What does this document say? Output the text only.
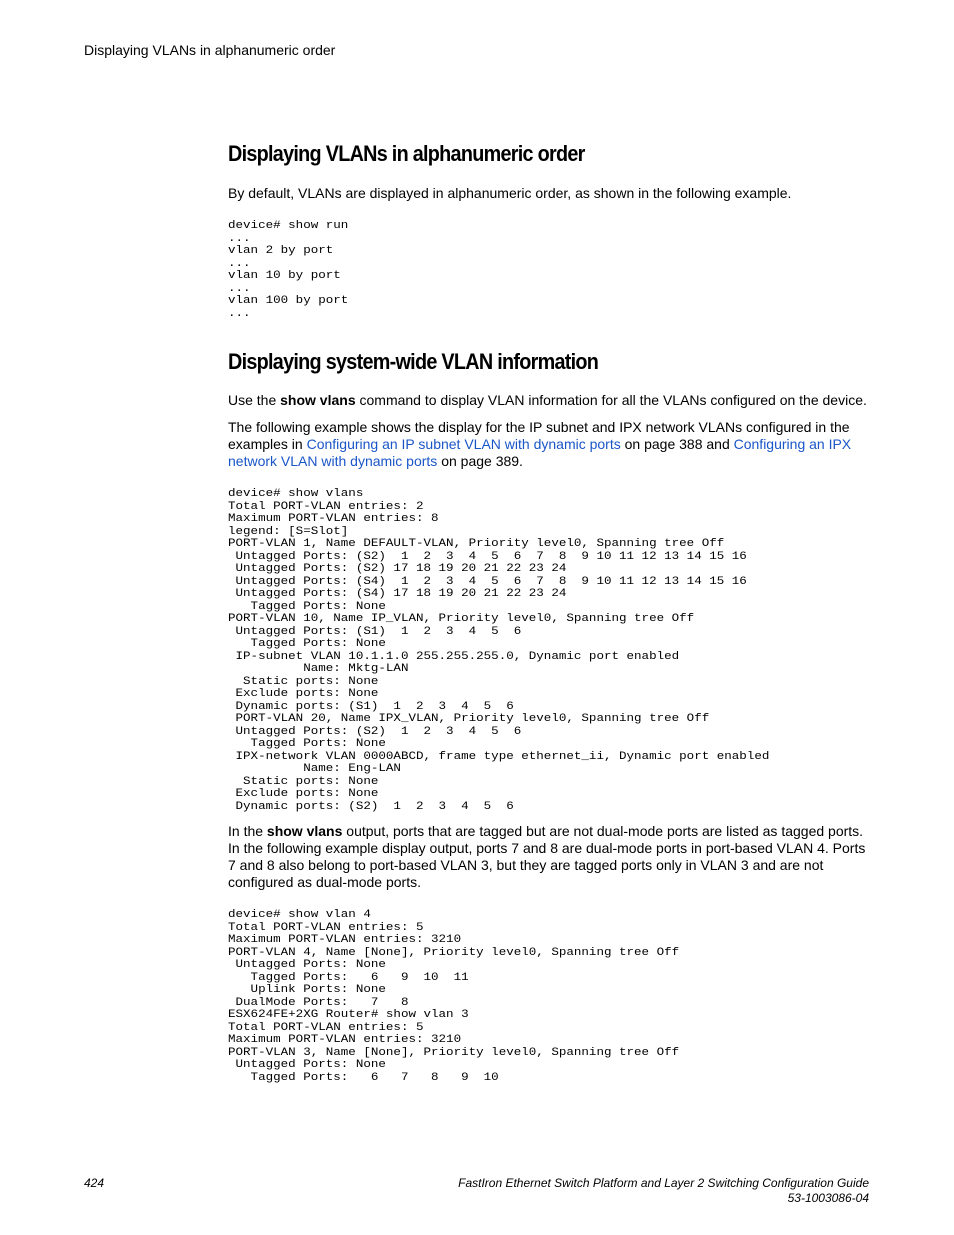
Displaying VLANs in alphanumeric order
Displaying VLANs in alphanumeric order

By default, VLANs are displayed in alphanumeric order, as shown in the following example.

device# show run
...
vlan 2 by port
...
vlan 10 by port
...
vlan 100 by port
...
Displaying system-wide VLAN information

Use the show vlans command to display VLAN information for all the VLANs configured on the device.

The following example shows the display for the IP subnet and IPX network VLANs configured in the examples in Configuring an IP subnet VLAN with dynamic ports on page 388 and Configuring an IPX network VLAN with dynamic ports on page 389.

device# show vlans
Total PORT-VLAN entries: 2
Maximum PORT-VLAN entries: 8
legend: [S=Slot]
PORT-VLAN 1, Name DEFAULT-VLAN, Priority level0, Spanning tree Off
Untagged Ports: (S2)  1  2  3  4  5  6  7  8  9 10 11 12 13 14 15 16
Untagged Ports: (S2) 17 18 19 20 21 22 23 24
Untagged Ports: (S4)  1  2  3  4  5  6  7  8  9 10 11 12 13 14 15 16
Untagged Ports: (S4) 17 18 19 20 21 22 23 24
Tagged Ports: None
PORT-VLAN 10, Name IP_VLAN, Priority level0, Spanning tree Off
Untagged Ports: (S1)  1  2  3  4  5  6
Tagged Ports: None
IP-subnet VLAN 10.1.1.0 255.255.255.0, Dynamic port enabled
Name: Mktg-LAN
Static ports: None
Exclude ports: None
Dynamic ports: (S1)  1  2  3  4  5  6
PORT-VLAN 20, Name IPX_VLAN, Priority level0, Spanning tree Off
Untagged Ports: (S2)  1  2  3  4  5  6
Tagged Ports: None
IPX-network VLAN 0000ABCD, frame type ethernet_ii, Dynamic port enabled
Name: Eng-LAN
Static ports: None
Exclude ports: None
Dynamic ports: (S2)  1  2  3  4  5  6

In the show vlans output, ports that are tagged but are not dual-mode ports are listed as tagged ports. In the following example display output, ports 7 and 8 are dual-mode ports in port-based VLAN 4. Ports 7 and 8 also belong to port-based VLAN 3, but they are tagged ports only in VLAN 3 and are not configured as dual-mode ports.

device# show vlan 4
Total PORT-VLAN entries: 5
Maximum PORT-VLAN entries: 3210
PORT-VLAN 4, Name [None], Priority level0, Spanning tree Off
Untagged Ports: None
Tagged Ports:   6   9  10  11
Uplink Ports: None
DualMode Ports:   7   8
ESX624FE+2XG Router# show vlan 3
Total PORT-VLAN entries: 5
Maximum PORT-VLAN entries: 3210
PORT-VLAN 3, Name [None], Priority level0, Spanning tree Off
Untagged Ports: None
Tagged Ports:   6   7   8   9  10
424	FastIron Ethernet Switch Platform and Layer 2 Switching Configuration Guide
53-1003086-04
